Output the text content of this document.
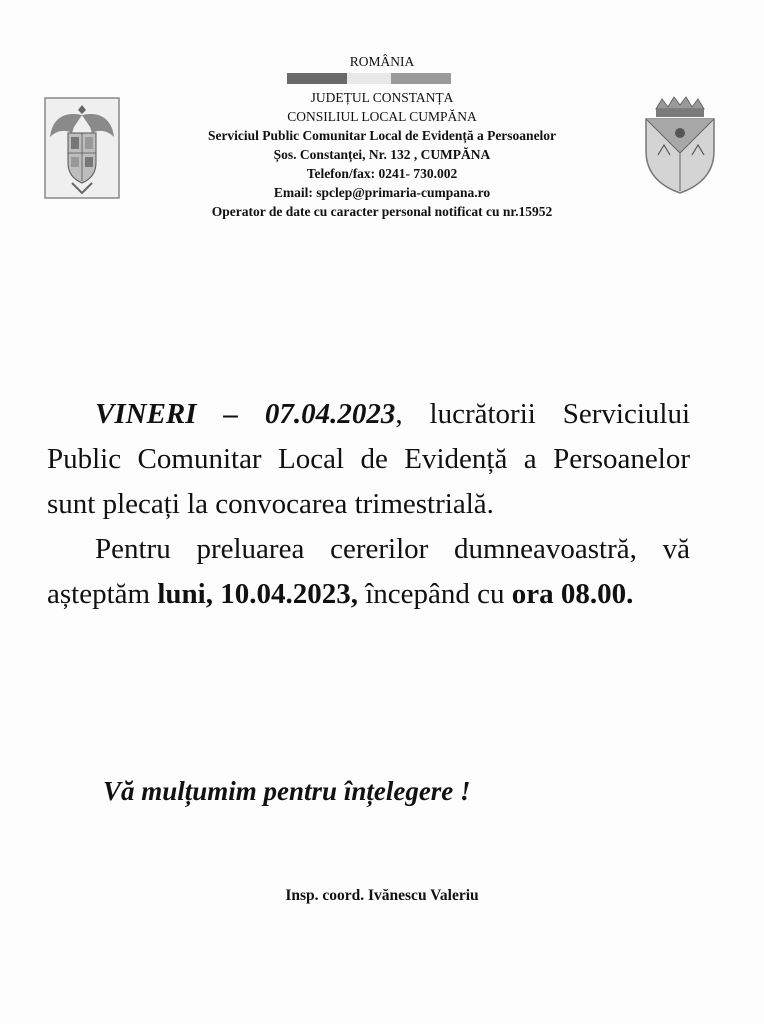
ROMÂNIA
JUDEȚUL CONSTANȚA
CONSILIUL LOCAL CUMPĂNA
Serviciul Public Comunitar Local de Evidență a Persoanelor
Șos. Constanței, Nr. 132 , CUMPĂNA
Telefon/fax: 0241- 730.002
Email: spclep@primaria-cumpana.ro
Operator de date cu caracter personal notificat cu nr.15952

VINERI – 07.04.2023, lucrătorii Serviciului Public Comunitar Local de Evidență a Persoanelor sunt plecați la convocarea trimestrială.

Pentru preluarea cererilor dumneavoastră, vă așteptăm luni, 10.04.2023, începând cu ora 08.00.

Vă mulțumim pentru înțelegere !
Insp. coord. Ivănescu Valeriu
